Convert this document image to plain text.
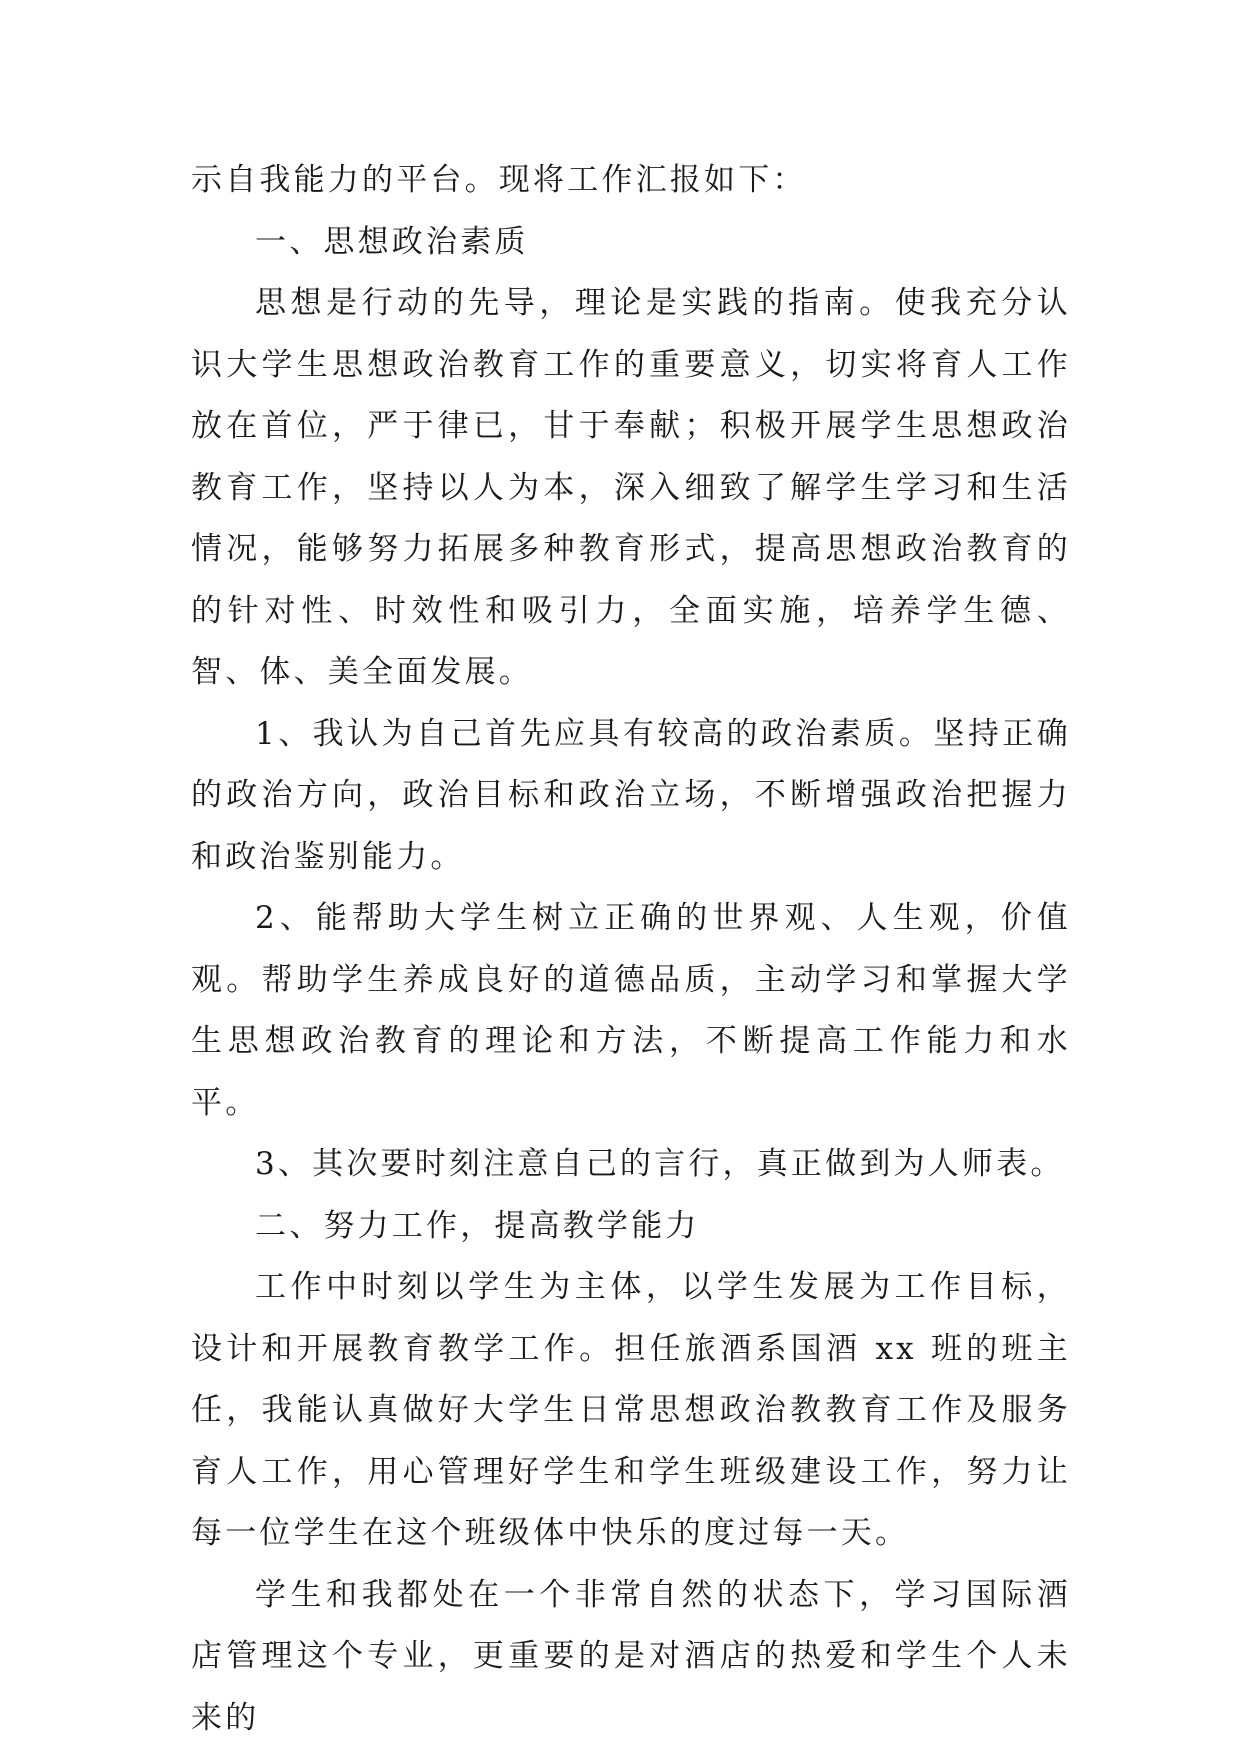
示自我能力的平台。现将工作汇报如下：

一、思想政治素质

思想是行动的先导，理论是实践的指南。使我充分认识大学生思想政治教育工作的重要意义，切实将育人工作放在首位，严于律已，甘于奉献；积极开展学生思想政治教育工作，坚持以人为本，深入细致了解学生学习和生活情况，能够努力拓展多种教育形式，提高思想政治教育的的针对性、时效性和吸引力，全面实施，培养学生德、智、体、美全面发展。

1、我认为自己首先应具有较高的政治素质。坚持正确的政治方向，政治目标和政治立场，不断增强政治把握力和政治鉴别能力。

2、能帮助大学生树立正确的世界观、人生观，价值观。帮助学生养成良好的道德品质，主动学习和掌握大学生思想政治教育的理论和方法，不断提高工作能力和水平。

3、其次要时刻注意自己的言行，真正做到为人师表。

二、努力工作，提高教学能力

工作中时刻以学生为主体，以学生发展为工作目标，设计和开展教育教学工作。担任旅酒系国酒 xx 班的班主任，我能认真做好大学生日常思想政治教教育工作及服务育人工作，用心管理好学生和学生班级建设工作，努力让每一位学生在这个班级体中快乐的度过每一天。

学生和我都处在一个非常自然的状态下，学习国际酒店管理这个专业，更重要的是对酒店的热爱和学生个人未来的
